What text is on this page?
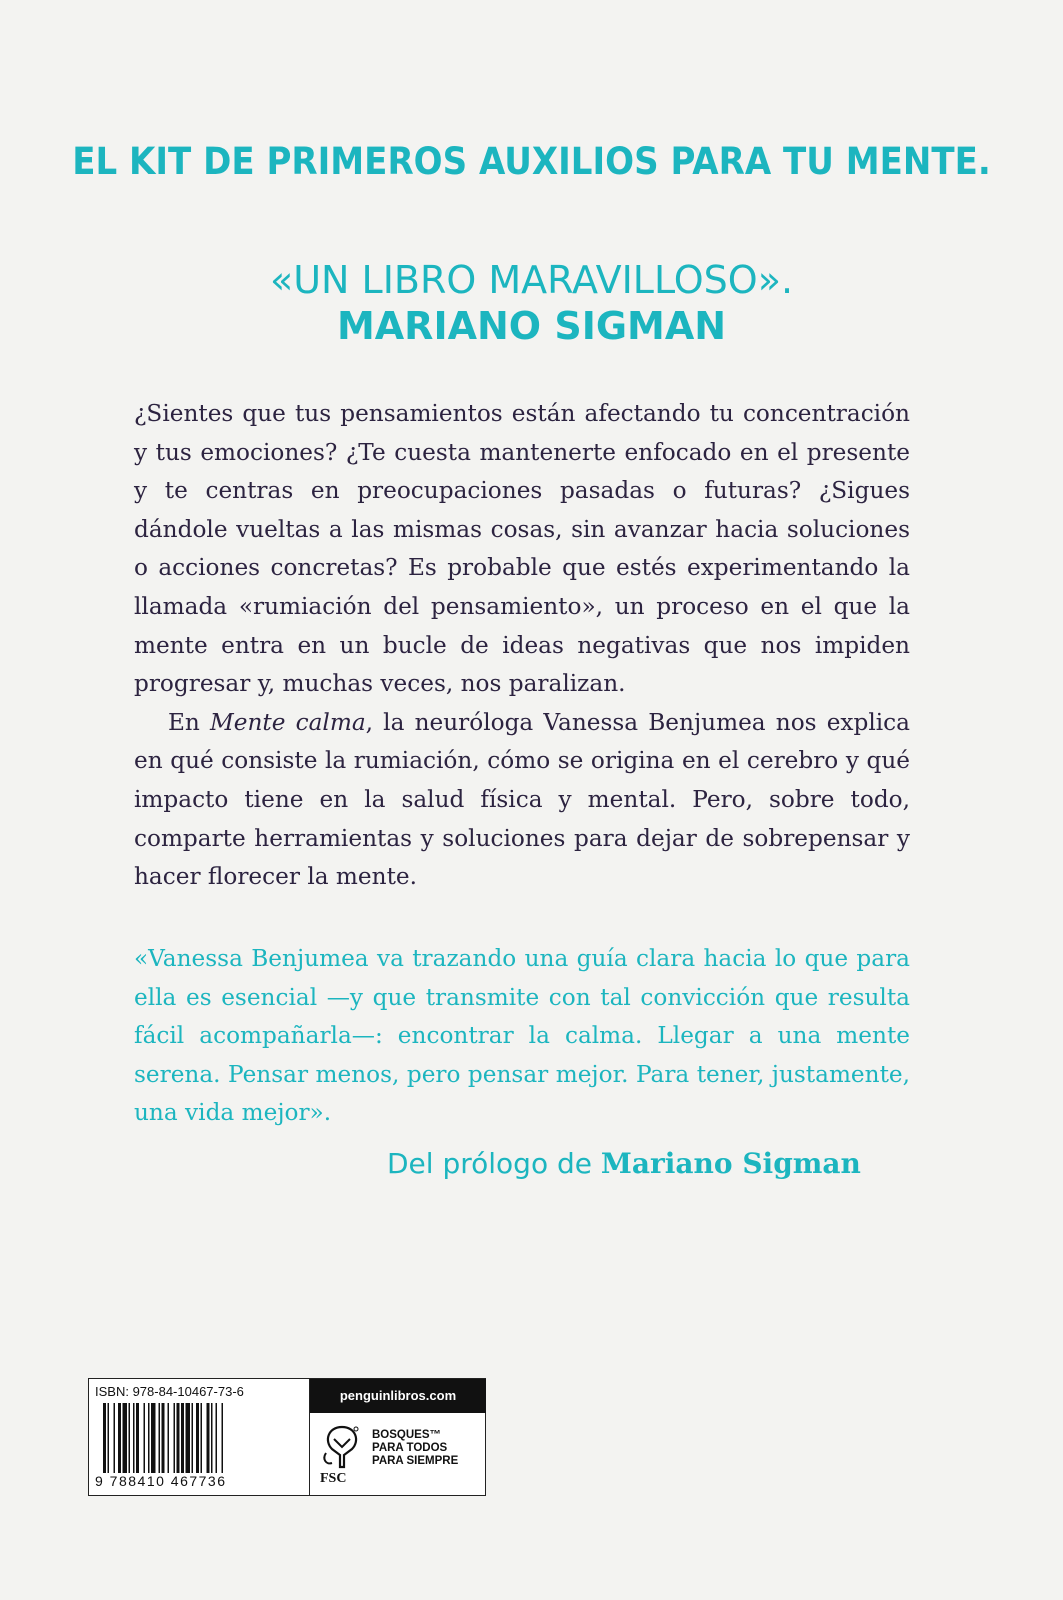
EL KIT DE PRIMEROS AUXILIOS PARA TU MENTE.
«UN LIBRO MARAVILLOSO».
MARIANO SIGMAN

¿Sientes que tus pensamientos están afectando tu concentración y tus emociones? ¿Te cuesta mantenerte enfocado en el presente y te centras en preocupaciones pasadas o futuras? ¿Sigues dándole vueltas a las mismas cosas, sin avanzar hacia soluciones o acciones concretas? Es probable que estés experimentando la llamada «rumiación del pensamiento», un proceso en el que la mente entra en un bucle de ideas negativas que nos impiden progresar y, muchas veces, nos paralizan.

En Mente calma, la neuróloga Vanessa Benjumea nos explica en qué consiste la rumiación, cómo se origina en el cerebro y qué impacto tiene en la salud física y mental. Pero, sobre todo, comparte herramientas y soluciones para dejar de sobrepensar y hacer florecer la mente.

«Vanessa Benjumea va trazando una guía clara hacia lo que para ella es esencial —y que transmite con tal convicción que resulta fácil acompañarla—: encontrar la calma. Llegar a una mente serena. Pensar menos, pero pensar mejor. Para tener, justamente, una vida mejor».
Del prólogo de Mariano Sigman
ISBN: 978-84-10467-73-6
9 788410 467736
penguinlibros.com
FSC
BOSQUES™
PARA TODOS
PARA SIEMPRE
